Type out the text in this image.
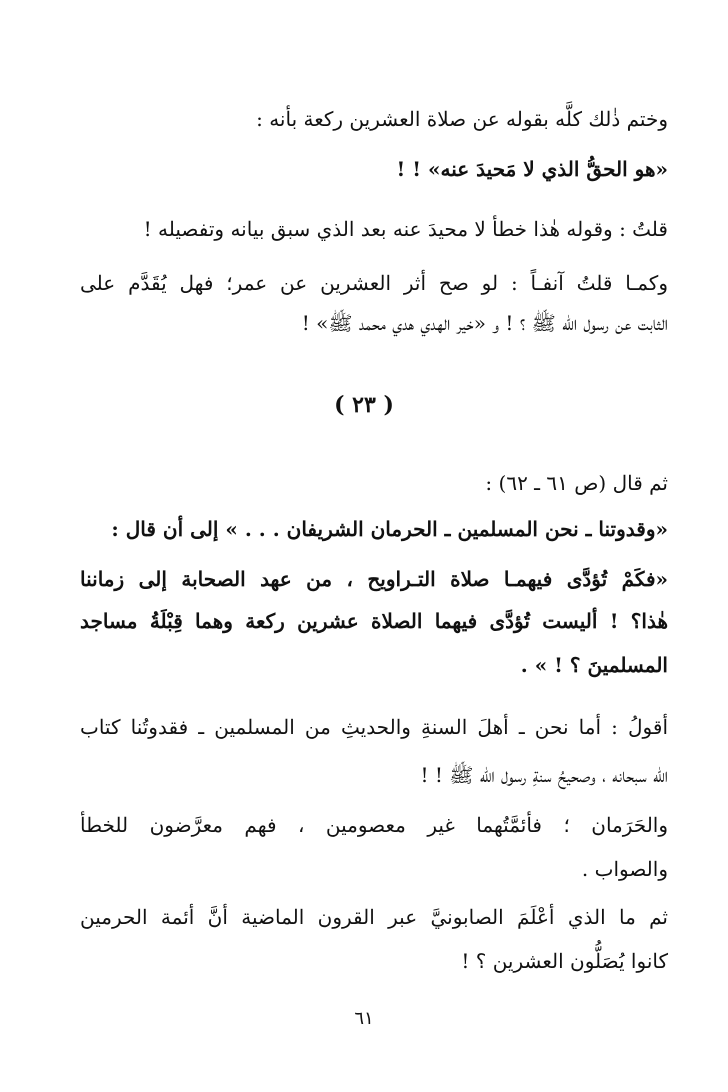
وختم ذٰلك كلَّه بقوله عن صلاة العشرين ركعة بأنه :

«هو الحقُّ الذي لا مَحيدَ عنه» ! !

قلتُ : وقوله هٰذا خطأ لا محيدَ عنه بعد الذي سبق بيانه وتفصيله !

وكمـا قلتُ آنفـاً : لو صح أثر العشرين عن عمر؛ فهل يُقَدَّم على

الثابت عن رسول الله ﷺ ؟ ! و «خير الهدي هدي محمد ﷺ» !

( ٢٣ )

ثم قال (ص ٦١ ـ ٦٢) :

«وقدوتنا ـ نحن المسلمين ـ الحرمان الشريفان . . . » إلى أن قال :

«فكَمْ تُؤدَّى فيهمـا صلاة التـراويح ، من عهد الصحابة إلى زماننا

هٰذا؟ ! أليست تُؤدَّى فيهما الصلاة عشرين ركعة وهما قِبْلَةُ مساجد

المسلمينَ ؟ ! » .

أقولُ : أما نحن ـ أهلَ السنةِ والحديثِ من المسلمين ـ فقدوتُنا كتاب

الله سبحانه ، وصحيحُ سنةِ رسول الله ﷺ ! !

والحَرَمان ؛ فأئمَّتُهما غير معصومين ، فهم معرَّضون للخطأ

والصواب .

ثم ما الذي أعْلَمَ الصابونيَّ عبر القرون الماضية أنَّ أئمة الحرمين

كانوا يُصَلُّون العشرين ؟ !

٦١
